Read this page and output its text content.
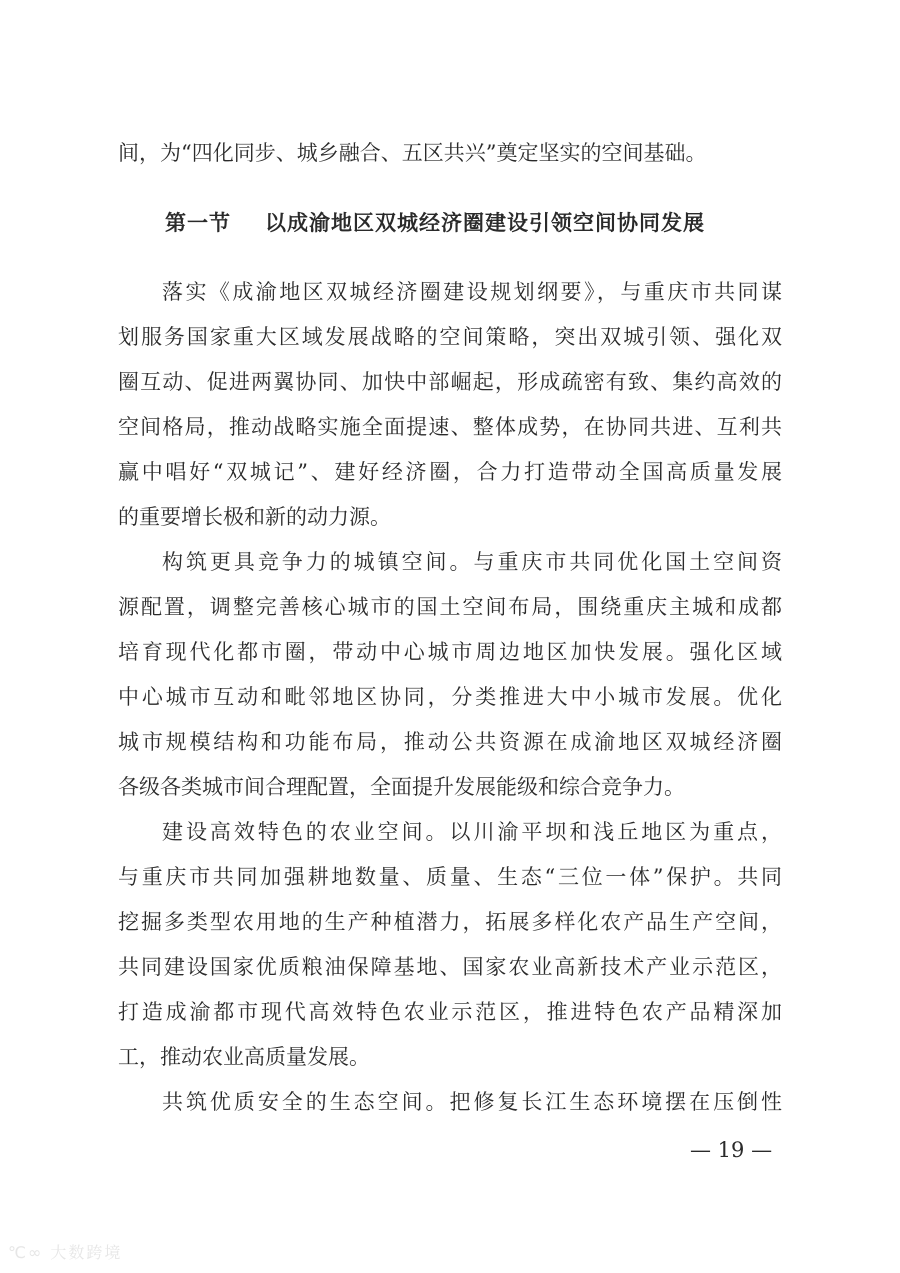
间，为“四化同步、城乡融合、五区共兴”奠定坚实的空间基础。
第一节 以成渝地区双城经济圈建设引领空间协同发展
落实《成渝地区双城经济圈建设规划纲要》，与重庆市共同谋
划服务国家重大区域发展战略的空间策略，突出双城引领、强化双
圈互动、促进两翼协同、加快中部崛起，形成疏密有致、集约高效的
空间格局，推动战略实施全面提速、整体成势，在协同共进、互利共
赢中唱好“双城记”、建好经济圈，合力打造带动全国高质量发展
的重要增长极和新的动力源。
构筑更具竞争力的城镇空间。与重庆市共同优化国土空间资
源配置，调整完善核心城市的国土空间布局，围绕重庆主城和成都
培育现代化都市圈，带动中心城市周边地区加快发展。强化区域
中心城市互动和毗邻地区协同，分类推进大中小城市发展。优化
城市规模结构和功能布局，推动公共资源在成渝地区双城经济圈
各级各类城市间合理配置，全面提升发展能级和综合竞争力。
建设高效特色的农业空间。以川渝平坝和浅丘地区为重点，
与重庆市共同加强耕地数量、质量、生态“三位一体”保护。共同
挖掘多类型农用地的生产种植潜力，拓展多样化农产品生产空间，
共同建设国家优质粮油保障基地、国家农业高新技术产业示范区，
打造成渝都市现代高效特色农业示范区，推进特色农产品精深加
工，推动农业高质量发展。
共筑优质安全的生态空间。把修复长江生态环境摆在压倒性
— 19 —
℃∞ 大数跨境
